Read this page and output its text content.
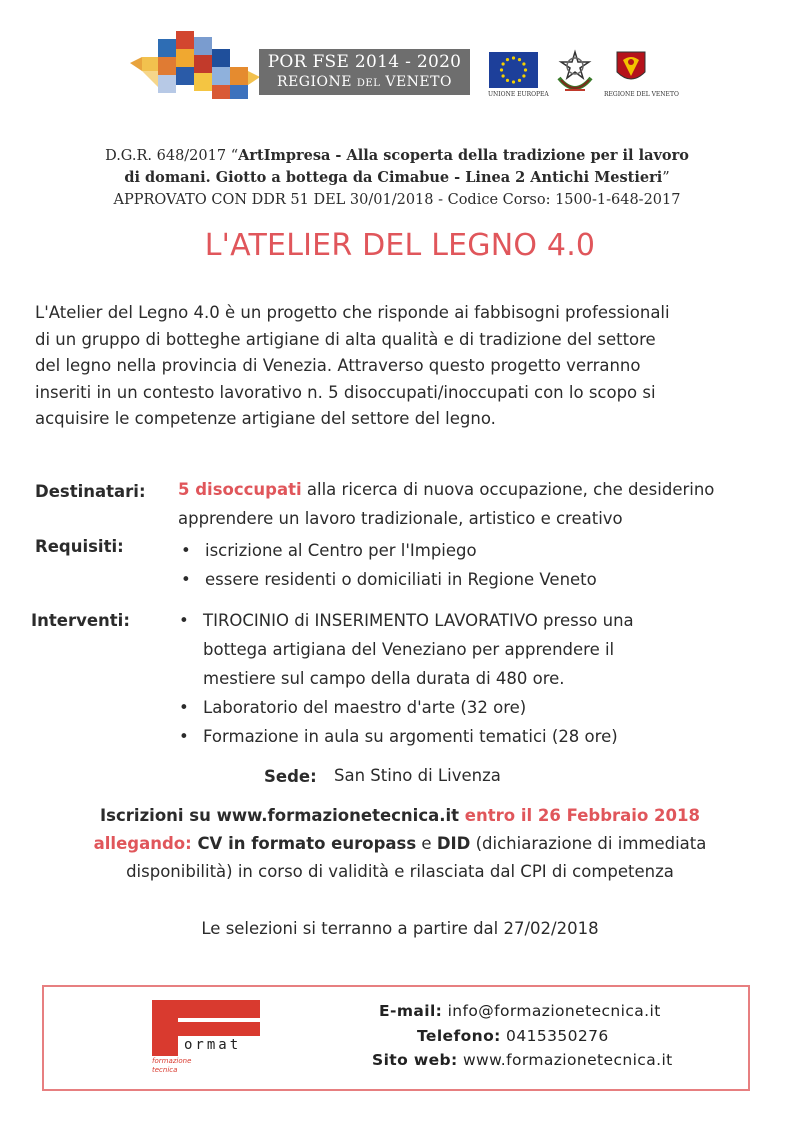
POR FSE 2014 - 2020
REGIONE DEL VENETO
UNIONE EUROPEA	REGIONE DEL VENETO
D.G.R. 648/2017 “ArtImpresa - Alla scoperta della tradizione per il lavoro
di domani. Giotto a bottega da Cimabue - Linea 2 Antichi Mestieri”
APPROVATO CON DDR 51 DEL 30/01/2018 - Codice Corso: 1500-1-648-2017
L'ATELIER DEL LEGNO 4.0
L'Atelier del Legno 4.0 è un progetto che risponde ai fabbisogni professionali
di un gruppo di botteghe artigiane di alta qualità e di tradizione del settore
del legno nella provincia di Venezia. Attraverso questo progetto verranno
inseriti in un contesto lavorativo n. 5 disoccupati/inoccupati con lo scopo si
acquisire le competenze artigiane del settore del legno.
Destinatari: 5 disoccupati alla ricerca di nuova occupazione, che desiderino
apprendere un lavoro tradizionale, artistico e creativo
Requisiti:	• iscrizione al Centro per l'Impiego
• essere residenti o domiciliati in Regione Veneto
Interventi:	• TIROCINIO di INSERIMENTO LAVORATIVO presso una
bottega artigiana del Veneziano per apprendere il
mestiere sul campo della durata di 480 ore.
• Laboratorio del maestro d'arte (32 ore)
• Formazione in aula su argomenti tematici (28 ore)
Sede: San Stino di Livenza
Iscrizioni su www.formazionetecnica.it entro il 26 Febbraio 2018
allegando: CV in formato europass e DID (dichiarazione di immediata
disponibilità) in corso di validità e rilasciata dal CPI di competenza
Le selezioni si terranno a partire dal 27/02/2018
ormat
formazione
tecnica
E-mail: info@formazionetecnica.it
Telefono: 0415350276
Sito web: www.formazionetecnica.it
